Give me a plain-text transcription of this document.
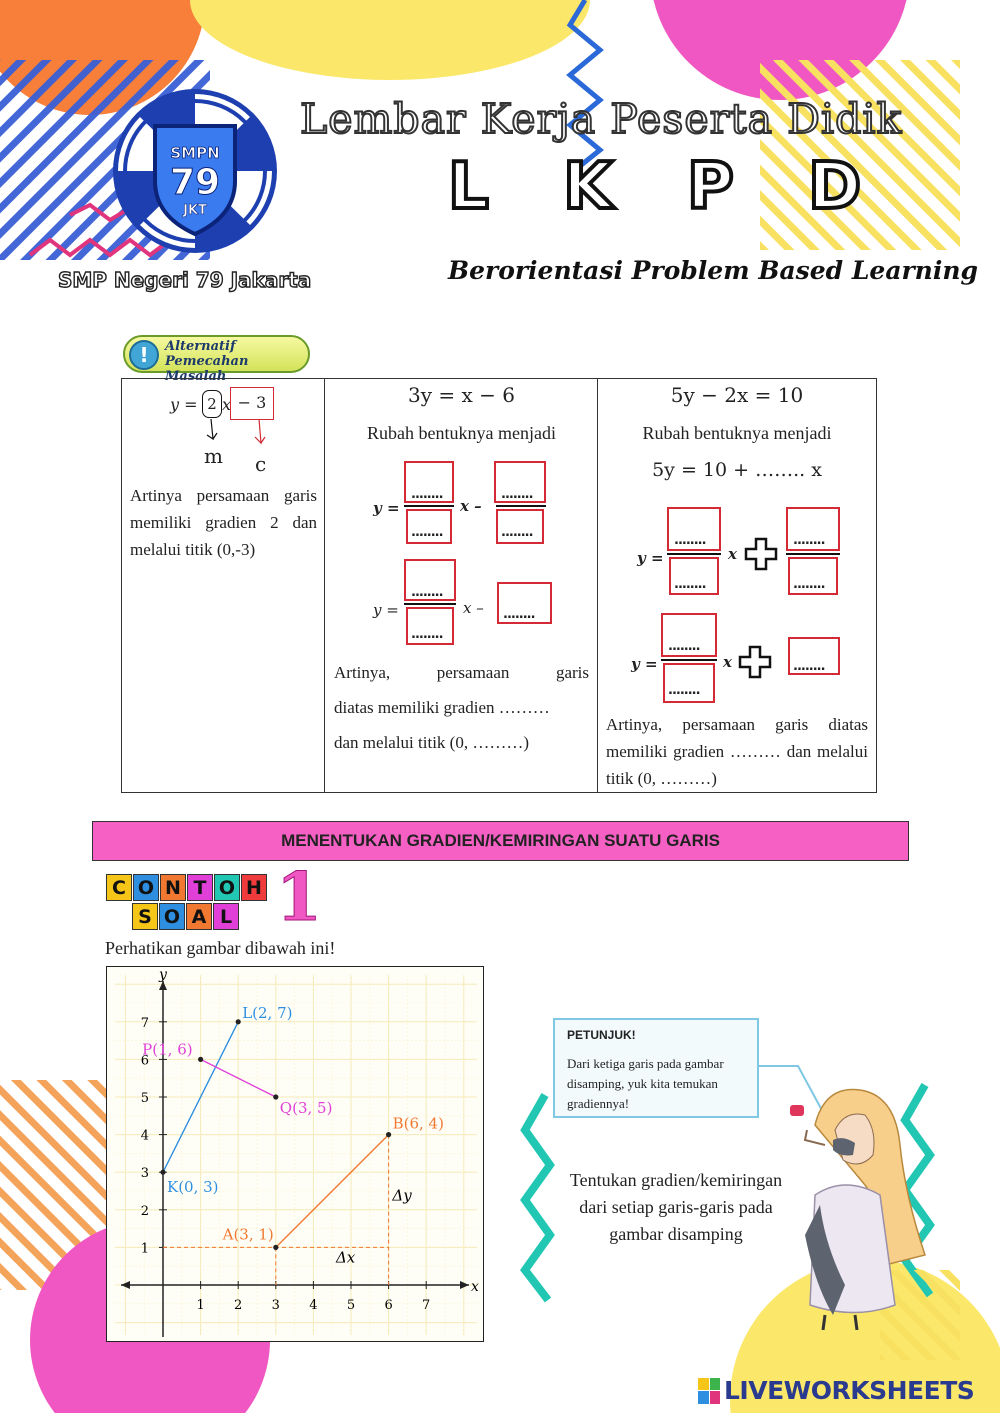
SMPN
79
JKT
Lembar Kerja Peserta Didik
L K P D
Berorientasi Problem Based Learning
SMP Negeri 79 Jakarta
!	Alternatif
Pemecahan Masalah
y = 2 x − 3
m c
Artinya persamaan garis memiliki gradien 2 dan melalui titik (0,-3)

3y = x − 6
Rubah bentuknya menjadi
y =
........
........
x –
........
........
y =
........
........
x – ........
Artinya, persamaan garis
diatas memiliki gradien ………
dan melalui titik (0, ………)

5y − 2x = 10
Rubah bentuknya menjadi
5y = 10 + …….. x
y =
........
........
x
........
........
y =
........
........
x	........
Artinya, persamaan garis diatas memiliki gradien ……… dan melalui titik (0, ………)
MENENTUKAN GRADIEN/KEMIRINGAN SUATU GARIS
C O N T O H
S O A L 1
Perhatikan gambar dibawah ini!
x
y
1 2 3 4 5 6 7
1
2
3
4
5
6
7
Δx
Δy
K(0, 3)
L(2, 7)
P(1, 6)
Q(3, 5)
A(3, 1)
B(6, 4)
PETUNJUK!
Dari ketiga garis pada gambar disamping, yuk kita temukan gradiennya!
Tentukan gradien/kemiringan
dari setiap garis-garis pada
gambar disamping
LIVEWORKSHEETS
